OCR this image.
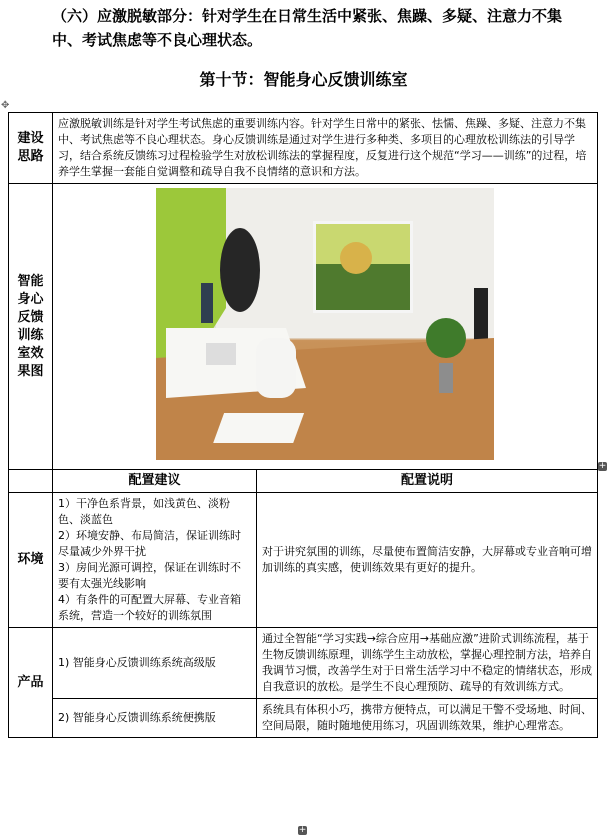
（六）应激脱敏部分：针对学生在日常生活中紧张、焦躁、多疑、注意力不集中、考试焦虑等不良心理状态。
第十节：智能身心反馈训练室
✥
建设思路	应激脱敏训练是针对学生考试焦虑的重要训练内容。针对学生日常中的紧张、怯懦、焦躁、多疑、注意力不集中、考试焦虑等不良心理状态。身心反馈训练是通过对学生进行多种类、多项目的心理放松训练法的引导学习，结合系统反馈练习过程检验学生对放松训练法的掌握程度，反复进行这个规范“学习——训练”的过程，培养学生掌握一套能自觉调整和疏导自我不良情绪的意识和方法。	
智能身心反馈训练室效果图	
	配置建议	配置说明
环境	1）干净色系背景，如浅黄色、淡粉色、淡蓝色
2）环境安静、布局简洁，保证训练时尽量减少外界干扰
3）房间光源可调控，保证在训练时不要有太强光线影响
4）有条件的可配置大屏幕、专业音箱系统，营造一个较好的训练氛围	对于讲究氛围的训练，尽量使布置简洁安静，大屏幕或专业音响可增加训练的真实感，使训练效果有更好的提升。
产品	1) 智能身心反馈训练系统高级版	通过全智能“学习实践→综合应用→基础应激”进阶式训练流程，基于生物反馈训练原理，训练学生主动放松，掌握心理控制方法，培养自我调节习惯，改善学生对于日常生活学习中不稳定的情绪状态，形成自我意识的放松。是学生不良心理预防、疏导的有效训练方式。
	2) 智能身心反馈训练系统便携版	系统具有体积小巧，携带方便特点，可以满足干警不受场地、时间、空间局限，随时随地使用练习，巩固训练效果，维护心理常态。
+
+
